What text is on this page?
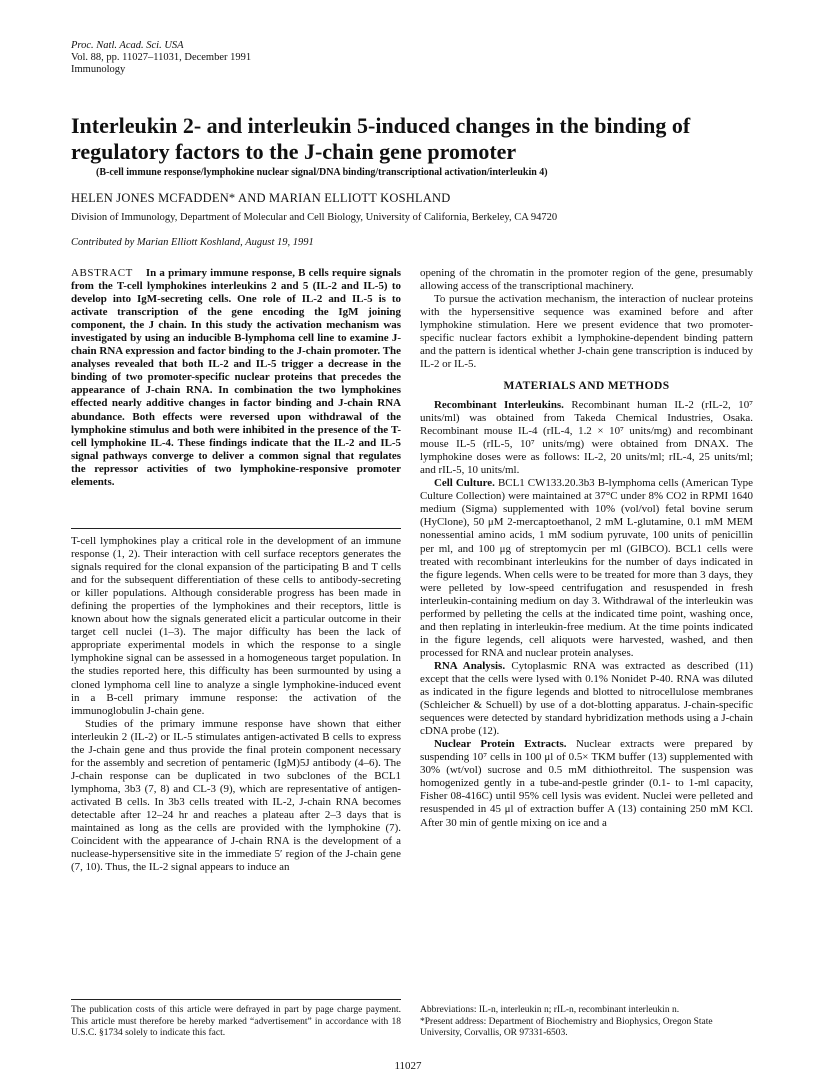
Proc. Natl. Acad. Sci. USA
Vol. 88, pp. 11027–11031, December 1991
Immunology
Interleukin 2- and interleukin 5-induced changes in the binding of regulatory factors to the J-chain gene promoter
(B-cell immune response/lymphokine nuclear signal/DNA binding/transcriptional activation/interleukin 4)
HELEN JONES MCFADDEN* AND MARIAN ELLIOTT KOSHLAND
Division of Immunology, Department of Molecular and Cell Biology, University of California, Berkeley, CA 94720
Contributed by Marian Elliott Koshland, August 19, 1991

ABSTRACT In a primary immune response, B cells require signals from the T-cell lymphokines interleukins 2 and 5 (IL-2 and IL-5) to develop into IgM-secreting cells. One role of IL-2 and IL-5 is to activate transcription of the gene encoding the IgM joining component, the J chain. In this study the activation mechanism was investigated by using an inducible B-lymphoma cell line to examine J-chain RNA expression and factor binding to the J-chain promoter. The analyses revealed that both IL-2 and IL-5 trigger a decrease in the binding of two promoter-specific nuclear proteins that precedes the appearance of J-chain RNA. In combination the two lymphokines effected nearly additive changes in factor binding and J-chain RNA abundance. Both effects were reversed upon withdrawal of the lymphokine stimulus and both were inhibited in the presence of the T-cell lymphokine IL-4. These findings indicate that the IL-2 and IL-5 signal pathways converge to deliver a common signal that regulates the repressor activities of two lymphokine-responsive promoter elements.

T-cell lymphokines play a critical role in the development of an immune response (1, 2). Their interaction with cell surface receptors generates the signals required for the clonal expansion of the participating B and T cells and for the subsequent differentiation of these cells to antibody-secreting or killer populations. Although considerable progress has been made in defining the properties of the lymphokines and their receptors, little is known about how the signals generated elicit a particular outcome in their target cell nuclei (1–3). The major difficulty has been the lack of appropriate experimental models in which the response to a single lymphokine signal can be assessed in a homogeneous target population. In the studies reported here, this difficulty has been surmounted by using a cloned lymphoma cell line to analyze a single lymphokine-induced event in a B-cell primary immune response: the activation of the immunoglobulin J-chain gene.

Studies of the primary immune response have shown that either interleukin 2 (IL-2) or IL-5 stimulates antigen-activated B cells to express the J-chain gene and thus provide the final protein component necessary for the assembly and secretion of pentameric (IgM)5J antibody (4–6). The J-chain response can be duplicated in two subclones of the BCL1 lymphoma, 3b3 (7, 8) and CL-3 (9), which are representative of antigen-activated B cells. In 3b3 cells treated with IL-2, J-chain RNA becomes detectable after 12–24 hr and reaches a plateau after 2–3 days that is maintained as long as the cells are provided with the lymphokine (7). Coincident with the appearance of J-chain RNA is the development of a nuclease-hypersensitive site in the immediate 5′ region of the J-chain gene (7, 10). Thus, the IL-2 signal appears to induce an

opening of the chromatin in the promoter region of the gene, presumably allowing access of the transcriptional machinery.

To pursue the activation mechanism, the interaction of nuclear proteins with the hypersensitive sequence was examined before and after lymphokine stimulation. Here we present evidence that two promoter-specific nuclear factors exhibit a lymphokine-dependent binding pattern and the pattern is identical whether J-chain gene transcription is induced by IL-2 or IL-5.

MATERIALS AND METHODS

Recombinant Interleukins. Recombinant human IL-2 (rIL-2, 10⁷ units/ml) was obtained from Takeda Chemical Industries, Osaka. Recombinant mouse IL-4 (rIL-4, 1.2 × 10⁷ units/mg) and recombinant mouse IL-5 (rIL-5, 10⁷ units/mg) were obtained from DNAX. The lymphokine doses were as follows: IL-2, 20 units/ml; rIL-4, 25 units/ml; and rIL-5, 10 units/ml.

Cell Culture. BCL1 CW133.20.3b3 B-lymphoma cells (American Type Culture Collection) were maintained at 37°C under 8% CO2 in RPMI 1640 medium (Sigma) supplemented with 10% (vol/vol) fetal bovine serum (HyClone), 50 μM 2-mercaptoethanol, 2 mM L-glutamine, 0.1 mM MEM nonessential amino acids, 1 mM sodium pyruvate, 100 units of penicillin per ml, and 100 μg of streptomycin per ml (GIBCO). BCL1 cells were treated with recombinant interleukins for the number of days indicated in the figure legends. When cells were to be treated for more than 3 days, they were pelleted by low-speed centrifugation and resuspended in fresh interleukin-containing medium on day 3. Withdrawal of the interleukin was performed by pelleting the cells at the indicated time point, washing once, and then replating in interleukin-free medium. At the time points indicated in the figure legends, cell aliquots were harvested, washed, and then processed for RNA and nuclear protein analyses.

RNA Analysis. Cytoplasmic RNA was extracted as described (11) except that the cells were lysed with 0.1% Nonidet P-40. RNA was diluted as indicated in the figure legends and blotted to nitrocellulose membranes (Schleicher & Schuell) by use of a dot-blotting apparatus. J-chain-specific sequences were detected by standard hybridization methods using a J-chain cDNA probe (12).

Nuclear Protein Extracts. Nuclear extracts were prepared by suspending 10⁷ cells in 100 μl of 0.5× TKM buffer (13) supplemented with 30% (wt/vol) sucrose and 0.5 mM dithiothreitol. The suspension was homogenized gently in a tube-and-pestle grinder (0.1- to 1-ml capacity, Fisher 08-416C) until 95% cell lysis was evident. Nuclei were pelleted and resuspended in 45 μl of extraction buffer A (13) containing 250 mM KCl. After 30 min of gentle mixing on ice and a

The publication costs of this article were defrayed in part by page charge payment. This article must therefore be hereby marked “advertisement” in accordance with 18 U.S.C. §1734 solely to indicate this fact.

Abbreviations: IL-n, interleukin n; rIL-n, recombinant interleukin n.

*Present address: Department of Biochemistry and Biophysics, Oregon State University, Corvallis, OR 97331-6503.

11027
